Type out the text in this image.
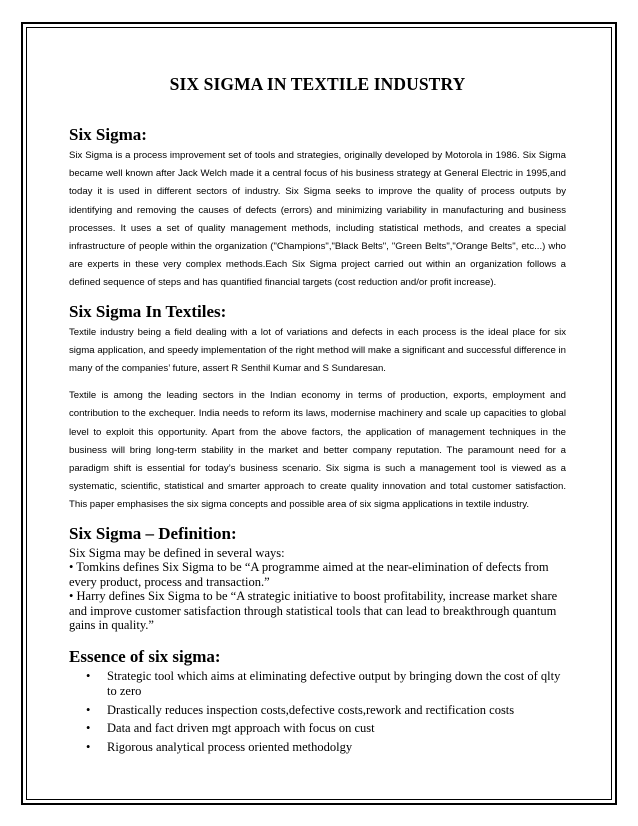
SIX SIGMA IN TEXTILE INDUSTRY
Six Sigma:

Six Sigma is a process improvement set of tools and strategies, originally developed by Motorola in 1986. Six Sigma became well known after Jack Welch made it a central focus of his business strategy at General Electric in 1995,and today it is used in different sectors of industry. Six Sigma seeks to improve the quality of process outputs by identifying and removing the causes of defects (errors) and minimizing variability in manufacturing and business processes. It uses a set of quality management methods, including statistical methods, and creates a special infrastructure of people within the organization ("Champions","Black Belts", "Green Belts","Orange Belts", etc...) who are experts in these very complex methods.Each Six Sigma project carried out within an organization follows a defined sequence of steps and has quantified financial targets (cost reduction and/or profit increase).

Six Sigma In Textiles:

Textile industry being a field dealing with a lot of variations and defects in each process is the ideal place for six sigma application, and speedy implementation of the right method will make a significant and successful difference in many of the companies’ future, assert R Senthil Kumar and S Sundaresan.

Textile is among the leading sectors in the Indian economy in terms of production, exports, employment and contribution to the exchequer. India needs to reform its laws, modernise machinery and scale up capacities to global level to exploit this opportunity. Apart from the above factors, the application of management techniques in the business will bring long-term stability in the market and better company reputation. The paramount need for a paradigm shift is essential for today’s business scenario. Six sigma is such a management tool is viewed as a systematic, scientific, statistical and smarter approach to create quality innovation and total customer satisfaction. This paper emphasises the six sigma concepts and possible area of six sigma applications in textile industry.

Six Sigma – Definition:

Six Sigma may be defined in several ways:

• Tomkins defines Six Sigma to be “A programme aimed at the near-elimination of defects from every product, process and transaction.”

• Harry defines Six Sigma to be “A strategic initiative to boost profitability, increase market share and improve customer satisfaction through statistical tools that can lead to breakthrough quantum gains in quality.”

Essence of six sigma:
• Strategic tool which aims at eliminating defective output by bringing down the cost of qlty to zero
• Drastically reduces inspection costs,defective costs,rework and rectification costs
• Data and fact driven mgt approach with focus on cust
• Rigorous analytical process oriented methodolgy
